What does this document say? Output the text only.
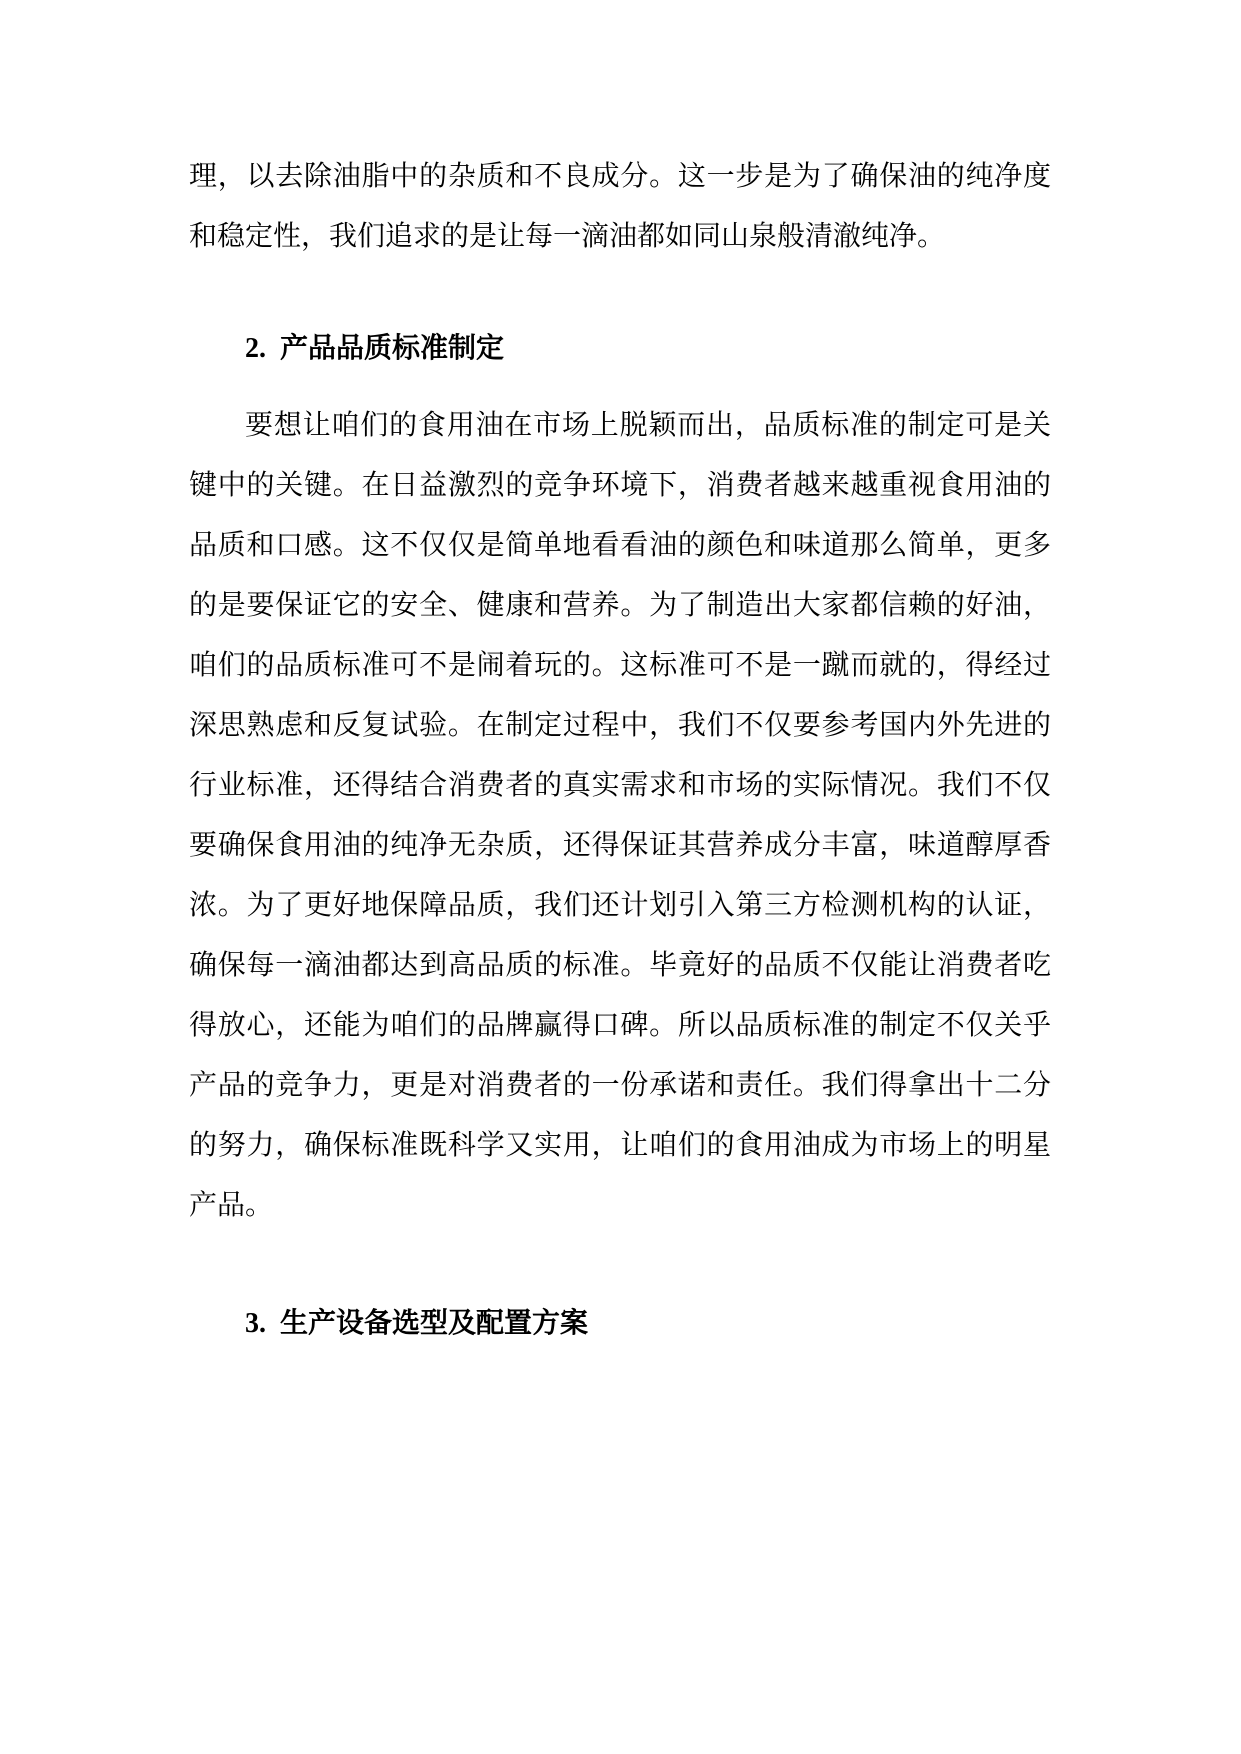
理，以去除油脂中的杂质和不良成分。这一步是为了确保油的纯净度和稳定性，我们追求的是让每一滴油都如同山泉般清澈纯净。

2. 产品品质标准制定

要想让咱们的食用油在市场上脱颖而出，品质标准的制定可是关键中的关键。在日益激烈的竞争环境下，消费者越来越重视食用油的品质和口感。这不仅仅是简单地看看油的颜色和味道那么简单，更多的是要保证它的安全、健康和营养。为了制造出大家都信赖的好油，咱们的品质标准可不是闹着玩的。这标准可不是一蹴而就的，得经过深思熟虑和反复试验。在制定过程中，我们不仅要参考国内外先进的行业标准，还得结合消费者的真实需求和市场的实际情况。我们不仅要确保食用油的纯净无杂质，还得保证其营养成分丰富，味道醇厚香浓。为了更好地保障品质，我们还计划引入第三方检测机构的认证，确保每一滴油都达到高品质的标准。毕竟好的品质不仅能让消费者吃得放心，还能为咱们的品牌赢得口碑。所以品质标准的制定不仅关乎产品的竞争力，更是对消费者的一份承诺和责任。我们得拿出十二分的努力，确保标准既科学又实用，让咱们的食用油成为市场上的明星产品。

3. 生产设备选型及配置方案
